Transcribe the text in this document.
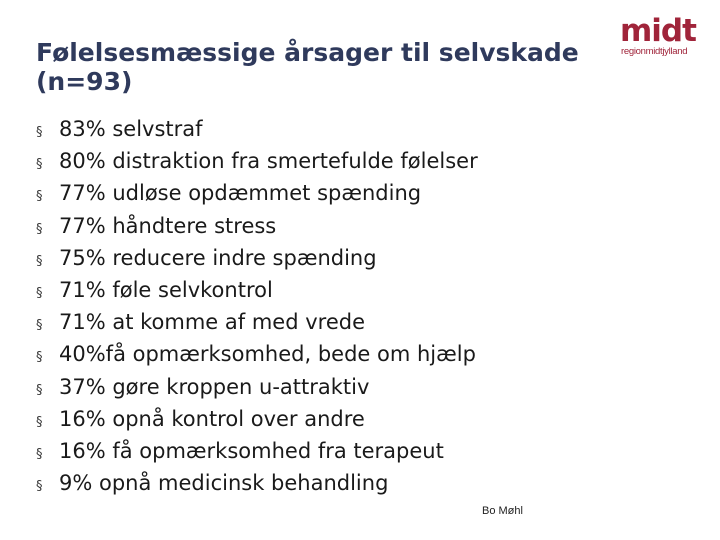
Følelsesmæssige årsager til selvskade
(n=93)
midt
regionmidtjylland
§ 83% selvstraf
§ 80% distraktion fra smertefulde følelser
§ 77% udløse opdæmmet spænding
§ 77% håndtere stress
§ 75% reducere indre spænding
§ 71% føle selvkontrol
§ 71% at komme af med vrede
§ 40%få opmærksomhed, bede om hjælp
§ 37% gøre kroppen u-attraktiv
§ 16% opnå kontrol over andre
§ 16% få opmærksomhed fra terapeut
§ 9% opnå medicinsk behandling
Bo Møhl
